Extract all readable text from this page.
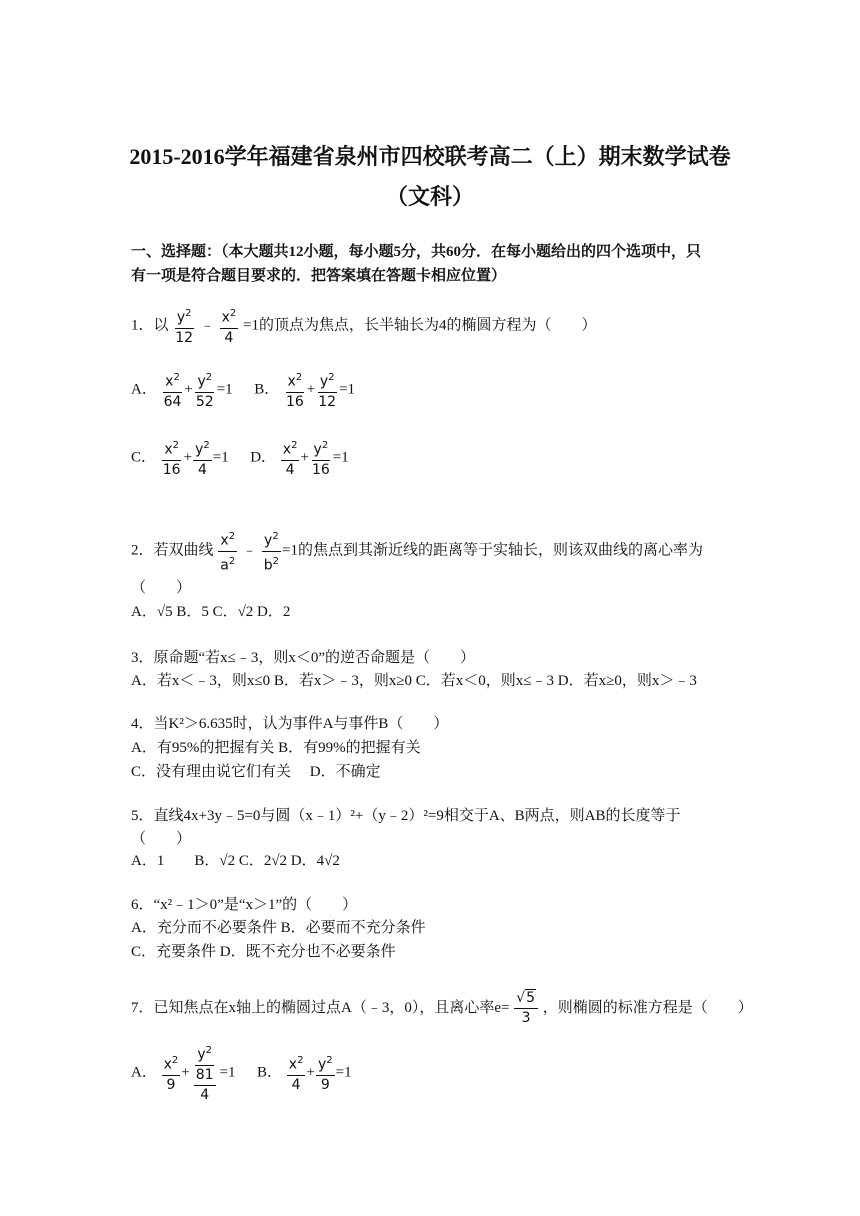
2015-2016学年福建省泉州市四校联考高二（上）期末数学试卷
（文科）
一、选择题：（本大题共12小题，每小题5分，共60分．在每小题给出的四个选项中，只
有一项是符合题目要求的．把答案填在答题卡相应位置）
1．以 $\frac{y^2}{12}$ ﹣ $\frac{x^2}{4} =1$的顶点为焦点，长半轴长为4的椭圆方程为（　　）
A． $\frac{x^2}{64} + \frac{y^2}{52} =1$  B． $\frac{x^2}{16} + \frac{y^2}{12} =1$
C． $\frac{x^2}{16} + \frac{y^2}{4} =1$  D． $\frac{x^2}{4} + \frac{y^2}{16} =1$
2．若双曲线 $\frac{x^2}{a^2}$ ﹣ $\frac{y^2}{b^2} =1$的焦点到其渐近线的距离等于实轴长，则该双曲线的离心率为
（　　）
A．√5 B．5 C．√2 D．2
3．原命题“若x≤﹣3，则x＜0”的逆否命题是（　　）
A．若x＜﹣3，则x≤0 B．若x＞﹣3，则x≥0 C．若x＜0，则x≤﹣3 D．若x≥0，则x＞﹣3
4．当K²＞6.635时，认为事件A与事件B（　　）
A．有95%的把握有关 B．有99%的把握有关
C．没有理由说它们有关　 D．不确定
5．直线4x+3y﹣5=0与圆（x﹣1）²+（y﹣2）²=9相交于A、B两点，则AB的长度等于
（　　）
A．1　　B．√2 C．2√2 D．4√2
6．“x²﹣1＞0”是“x＞1”的（　　）
A．充分而不必要条件 B．必要而不充分条件
C．充要条件 D．既不充分也不必要条件
7．已知焦点在x轴上的椭圆过点A（﹣3，0），且离心率$e= \frac{√5}{3}$ ，则椭圆的标准方程是（　　）
A． $\frac{x^2}{9} + \frac{y^2}{\frac{81}{4}} =1$  B． $\frac{x^2}{4} + \frac{y^2}{9} =1$
